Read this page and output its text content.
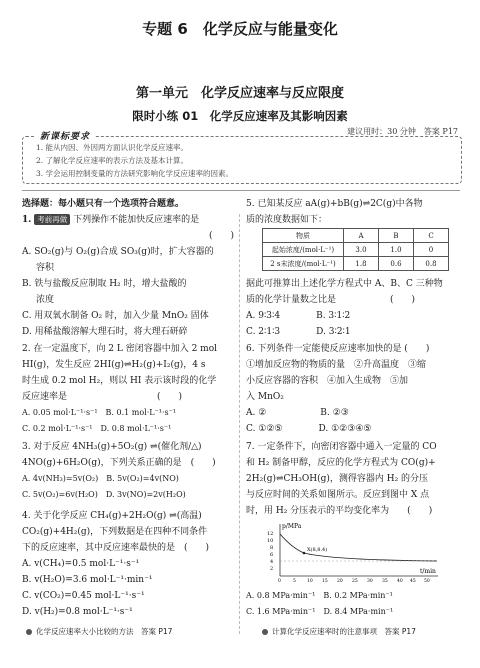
专题 6　化学反应与能量变化
第一单元　化学反应速率与反应限度
限时小练 01　化学反应速率及其影响因素
建议用时：30 分钟　答案 P17
新课标要求
1. 能从内因、外因两方面认识化学反应速率。
2. 了解化学反应速率的表示方法及基本计算。
3. 学会运用控制变量的方法研究影响化学反应速率的因素。
选择题：每小题只有一个选项符合题意。
1. 考前再做 下列操作不能加快反应速率的是
(　　)
A. SO₂(g)与 O₂(g)合成 SO₃(g)时，扩大容器的
容积
B. 铁与盐酸反应制取 H₂ 时，增大盐酸的
浓度
C. 用双氧水制备 O₂ 时，加入少量 MnO₂ 固体
D. 用稀盐酸溶解大理石时，将大理石研碎
2. 在一定温度下，向 2 L 密闭容器中加入 2 mol
HI(g)，发生反应 2HI(g)⇌H₂(g)+I₂(g)，4 s
时生成 0.2 mol H₂，则以 HI 表示该时段的化学
反应速率是　　　　　　　　　　(　　)
A. 0.05 mol·L⁻¹·s⁻¹　B. 0.1 mol·L⁻¹·s⁻¹
C. 0.2 mol·L⁻¹·s⁻¹　D. 0.8 mol·L⁻¹·s⁻¹
3. 对于反应 4NH₃(g)+5O₂(g) ⇌(催化剂/△)
4NO(g)+6H₂O(g)，下列关系正确的是　(　　)
A. 4v(NH₃)=5v(O₂)　B. 5v(O₂)=4v(NO)
C. 5v(O₂)=6v(H₂O)　D. 3v(NO)=2v(H₂O)
4. 关于化学反应 CH₄(g)+2H₂O(g) ⇌(高温)
CO₂(g)+4H₂(g)，下列数据是在四种不同条件
下的反应速率，其中反应速率最快的是　(　　)
A. v(CH₄)=0.5 mol·L⁻¹·s⁻¹
B. v(H₂O)=3.6 mol·L⁻¹·min⁻¹
C. v(CO₂)=0.45 mol·L⁻¹·s⁻¹
D. v(H₂)=0.8 mol·L⁻¹·s⁻¹
5. 已知某反应 aA(g)+bB(g)⇌2C(g)中各物
质的浓度数据如下：
物质	A	B	C
起始浓度/(mol·L⁻¹)	3.0	1.0	0
2 s末浓度/(mol·L⁻¹)	1.8	0.6	0.8
据此可推算出上述化学方程式中 A、B、C 三种物
质的化学计量数之比是　　　　　　(　　)
A. 9∶3∶4　　　　B. 3∶1∶2
C. 2∶1∶3　　　　D. 3∶2∶1
6. 下列条件一定能使反应速率加快的是 (　　)
①增加反应物的物质的量　②升高温度　③缩
小反应容器的容积　④加入生成物　⑤加
入 MnO₂
A. ②　　　　　　B. ②③
C. ①②⑤　　　　D. ①②③④⑤
7. 一定条件下，向密闭容器中通入一定量的 CO
和 H₂ 制备甲醇，反应的化学方程式为 CO(g)+
2H₂(g)⇌CH₃OH(g)，测得容器内 H₂ 的分压
与反应时间的关系如图所示。反应到图中 X 点
时，用 H₂ 分压表示的平均变化率为　　(　　)
p/MPa
t/min
12
10
8
6
4
2
X(8,8.4)
0	5 10 15 20 25 30 35 40 45 50
A. 0.8 MPa·min⁻¹　B. 0.2 MPa·min⁻¹
C. 1.6 MPa·min⁻¹　D. 8.4 MPa·min⁻¹
化学反应速率大小比较的方法　答案 P17	计算化学反应速率时的注意事项　答案 P17
